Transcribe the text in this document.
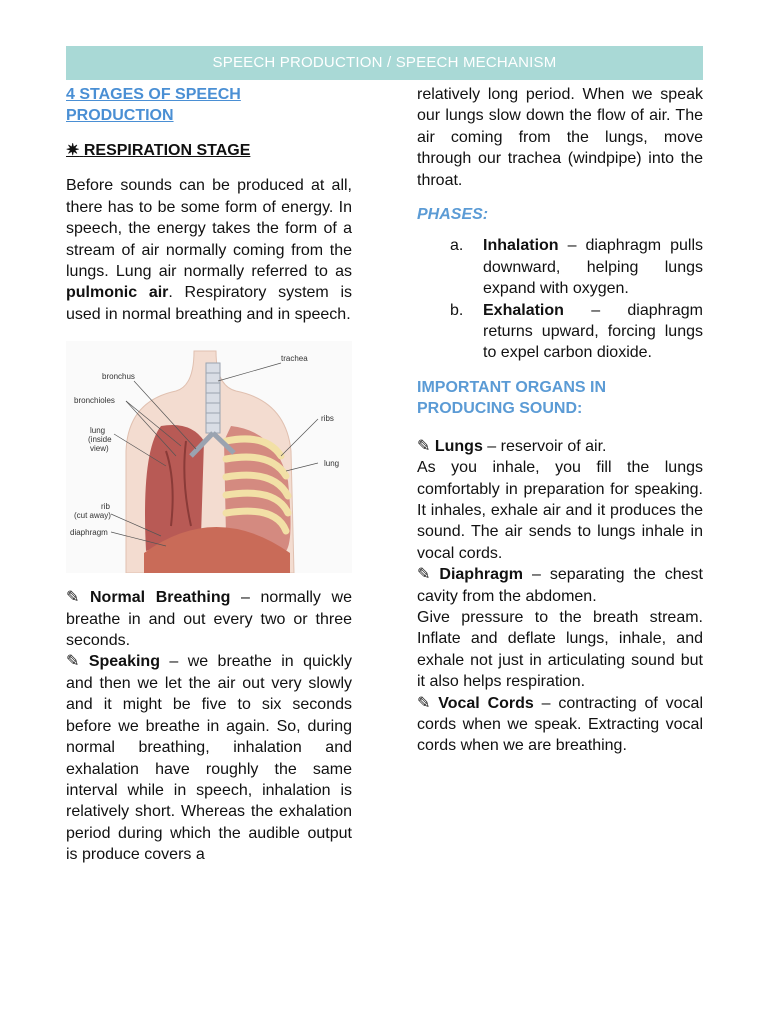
SPEECH PRODUCTION / SPEECH MECHANISM

4 STAGES OF SPEECH
PRODUCTION

✷ RESPIRATION STAGE

Before sounds can be produced at all, there has to be some form of energy. In speech, the energy takes the form of a stream of air normally coming from the lungs. Lung air normally referred to as pulmonic air. Respiratory system is used in normal breathing and in speech.

trachea
bronchus
bronchioles
lung
(inside
view)
ribs
lung
rib
(cut away)
diaphragm

✎ Normal Breathing – normally we breathe in and out every two or three seconds.

✎ Speaking – we breathe in quickly and then we let the air out very slowly and it might be five to six seconds before we breathe in again. So, during normal breathing, inhalation and exhalation have roughly the same interval while in speech, inhalation is relatively short. Whereas the exhalation period during which the audible output is produce covers a

relatively long period. When we speak our lungs slow down the flow of air. The air coming from the lungs, move through our trachea (windpipe) into the throat.

PHASES:

a. Inhalation – diaphragm pulls downward, helping lungs expand with oxygen.
b. Exhalation – diaphragm returns upward, forcing lungs to expel carbon dioxide.

IMPORTANT ORGANS IN
PRODUCING SOUND:

✎ Lungs – reservoir of air.

As you inhale, you fill the lungs comfortably in preparation for speaking. It inhales, exhale air and it produces the sound. The air sends to lungs inhale in vocal cords.

✎ Diaphragm – separating the chest cavity from the abdomen.

Give pressure to the breath stream. Inflate and deflate lungs, inhale, and exhale not just in articulating sound but it also helps respiration.

✎ Vocal Cords – contracting of vocal cords when we speak. Extracting vocal cords when we are breathing.
